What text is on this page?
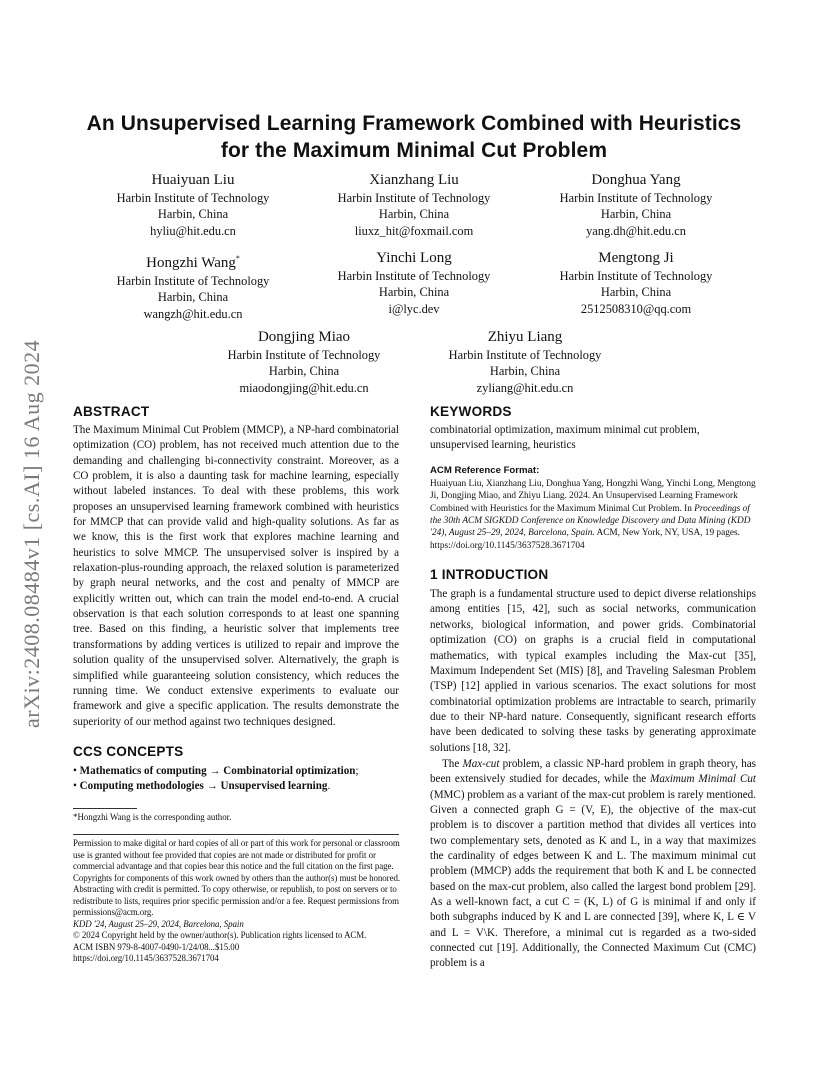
arXiv:2408.08484v1 [cs.AI] 16 Aug 2024
An Unsupervised Learning Framework Combined with Heuristics
for the Maximum Minimal Cut Problem
Huaiyuan Liu
Harbin Institute of Technology
Harbin, China
hyliu@hit.edu.cn
Xianzhang Liu
Harbin Institute of Technology
Harbin, China
liuxz_hit@foxmail.com
Donghua Yang
Harbin Institute of Technology
Harbin, China
yang.dh@hit.edu.cn
Hongzhi Wang*
Harbin Institute of Technology
Harbin, China
wangzh@hit.edu.cn
Yinchi Long
Harbin Institute of Technology
Harbin, China
i@lyc.dev
Mengtong Ji
Harbin Institute of Technology
Harbin, China
2512508310@qq.com
Dongjing Miao
Harbin Institute of Technology
Harbin, China
miaodongjing@hit.edu.cn
Zhiyu Liang
Harbin Institute of Technology
Harbin, China
zyliang@hit.edu.cn
ABSTRACT

The Maximum Minimal Cut Problem (MMCP), a NP-hard combinatorial optimization (CO) problem, has not received much attention due to the demanding and challenging bi-connectivity constraint. Moreover, as a CO problem, it is also a daunting task for machine learning, especially without labeled instances. To deal with these problems, this work proposes an unsupervised learning framework combined with heuristics for MMCP that can provide valid and high-quality solutions. As far as we know, this is the first work that explores machine learning and heuristics to solve MMCP. The unsupervised solver is inspired by a relaxation-plus-rounding approach, the relaxed solution is parameterized by graph neural networks, and the cost and penalty of MMCP are explicitly written out, which can train the model end-to-end. A crucial observation is that each solution corresponds to at least one spanning tree. Based on this finding, a heuristic solver that implements tree transformations by adding vertices is utilized to repair and improve the solution quality of the unsupervised solver. Alternatively, the graph is simplified while guaranteeing solution consistency, which reduces the running time. We conduct extensive experiments to evaluate our framework and give a specific application. The results demonstrate the superiority of our method against two techniques designed.

CCS CONCEPTS
• Mathematics of computing → Combinatorial optimization;
• Computing methodologies → Unsupervised learning.
*Hongzhi Wang is the corresponding author.

Permission to make digital or hard copies of all or part of this work for personal or classroom use is granted without fee provided that copies are not made or distributed for profit or commercial advantage and that copies bear this notice and the full citation on the first page. Copyrights for components of this work owned by others than the author(s) must be honored. Abstracting with credit is permitted. To copy otherwise, or republish, to post on servers or to redistribute to lists, requires prior specific permission and/or a fee. Request permissions from permissions@acm.org.

KDD '24, August 25–29, 2024, Barcelona, Spain

© 2024 Copyright held by the owner/author(s). Publication rights licensed to ACM.

ACM ISBN 979-8-4007-0490-1/24/08...$15.00

https://doi.org/10.1145/3637528.3671704

KEYWORDS

combinatorial optimization, maximum minimal cut problem, unsupervised learning, heuristics

ACM Reference Format:

Huaiyuan Liu, Xianzhang Liu, Donghua Yang, Hongzhi Wang, Yinchi Long, Mengtong Ji, Dongjing Miao, and Zhiyu Liang. 2024. An Unsupervised Learning Framework Combined with Heuristics for the Maximum Minimal Cut Problem. In Proceedings of the 30th ACM SIGKDD Conference on Knowledge Discovery and Data Mining (KDD '24), August 25–29, 2024, Barcelona, Spain. ACM, New York, NY, USA, 19 pages. https://doi.org/10.1145/3637528.3671704

1 INTRODUCTION

The graph is a fundamental structure used to depict diverse relationships among entities [15, 42], such as social networks, communication networks, biological information, and power grids. Combinatorial optimization (CO) on graphs is a crucial field in computational mathematics, with typical examples including the Max-cut [35], Maximum Independent Set (MIS) [8], and Traveling Salesman Problem (TSP) [12] applied in various scenarios. The exact solutions for most combinatorial optimization problems are intractable to search, primarily due to their NP-hard nature. Consequently, significant research efforts have been dedicated to solving these tasks by generating approximate solutions [18, 32].

The Max-cut problem, a classic NP-hard problem in graph theory, has been extensively studied for decades, while the Maximum Minimal Cut (MMC) problem as a variant of the max-cut problem is rarely mentioned. Given a connected graph G = (V, E), the objective of the max-cut problem is to discover a partition method that divides all vertices into two complementary sets, denoted as K and L, in a way that maximizes the cardinality of edges between K and L. The maximum minimal cut problem (MMCP) adds the requirement that both K and L be connected based on the max-cut problem, also called the largest bond problem [29]. As a well-known fact, a cut C = (K, L) of G is minimal if and only if both subgraphs induced by K and L are connected [39], where K, L ∈ V and L = V\K. Therefore, a minimal cut is regarded as a two-sided connected cut [19]. Additionally, the Connected Maximum Cut (CMC) problem is a
